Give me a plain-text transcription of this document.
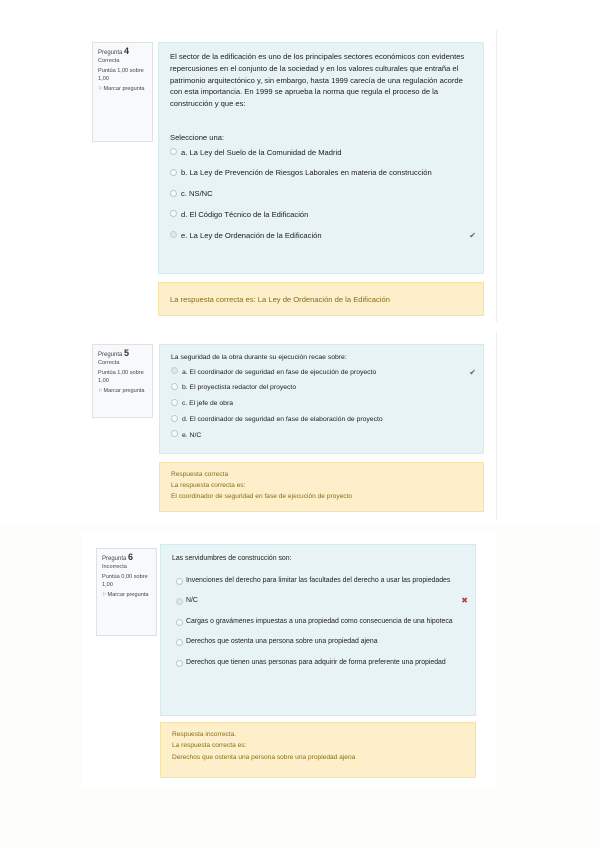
Pregunta 4
Correcta
Puntúa 1,00 sobre 1,00
⚐Marcar pregunta

El sector de la edificación es uno de los principales sectores económicos con evidentes repercusiones en el conjunto de la sociedad y en los valores culturales que entraña el patrimonio arquitectónico y, sin embargo, hasta 1999 carecía de una regulación acorde con esta importancia. En 1999 se aprueba la norma que regula el proceso de la construcción y que es:

Seleccione una:

a. La Ley del Suelo de la Comunidad de Madrid
b. La Ley de Prevención de Riesgos Laborales en materia de construcción
c. NS/NC
d. El Código Técnico de la Edificación
e. La Ley de Ordenación de la Edificación	✔
La respuesta correcta es: La Ley de Ordenación de la Edificación
Pregunta 5
Correcta
Puntúa 1,00 sobre 1,00
⚐Marcar pregunta

La seguridad de la obra durante su ejecución recae sobre:

a. El coordinador de seguridad en fase de ejecución de proyecto	✔
b. El proyectista redactor del proyecto
c. El jefe de obra
d. El coordinador de seguridad en fase de elaboración de proyecto
e. N/C
Respuesta correcta
La respuesta correcta es:
El coordinador de seguridad en fase de ejecución de proyecto
Pregunta 6
Incorrecta
Puntúa 0,00 sobre 1,00
⚐Marcar pregunta

Las servidumbres de construcción son:

Invenciones del derecho para limitar las facultades del derecho a usar las propiedades
N/C	✖
Cargas o gravámenes impuestas a una propiedad como consecuencia de una hipoteca
Derechos que ostenta una persona sobre una propiedad ajena
Derechos que tienen unas personas para adquirir de forma preferente una propiedad
Respuesta incorrecta.
La respuesta correcta es:
Derechos que ostenta una persona sobre una propiedad ajena
